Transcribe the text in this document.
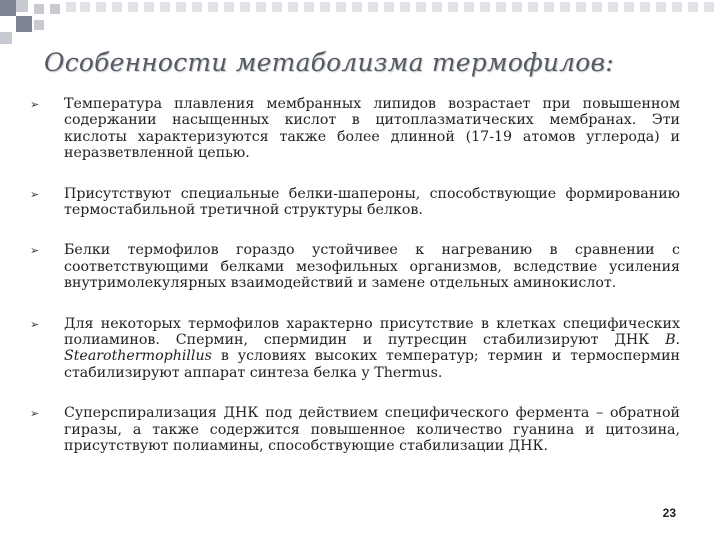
Особенности метаболизма термофилов:
➢ Температура плавления мембранных липидов возрастает при повышенном содержании насыщенных кислот в цитоплазматических мембранах. Эти кислоты характеризуются также более длинной (17-19 атомов углерода) и неразветвленной цепью.

➢ Присутствуют специальные белки-шапероны, способствующие формированию термостабильной третичной структуры белков.

➢ Белки термофилов гораздо устойчивее к нагреванию в сравнении с соответствующими белками мезофильных организмов, вследствие усиления внутримолекулярных взаимодействий и замене отдельных аминокислот.

➢ Для некоторых термофилов характерно присутствие в клетках специфических полиаминов. Спермин, спермидин и путресцин стабилизируют ДНК B. Stearothermophillus в условиях высоких температур; термин и термоспермин стабилизируют аппарат синтеза белка у Thermus.

➢ Суперспирализация ДНК под действием специфического фермента – обратной гиразы, а также содержится повышенное количество гуанина и цитозина, присутствуют полиамины, способствующие стабилизации ДНК.

23
